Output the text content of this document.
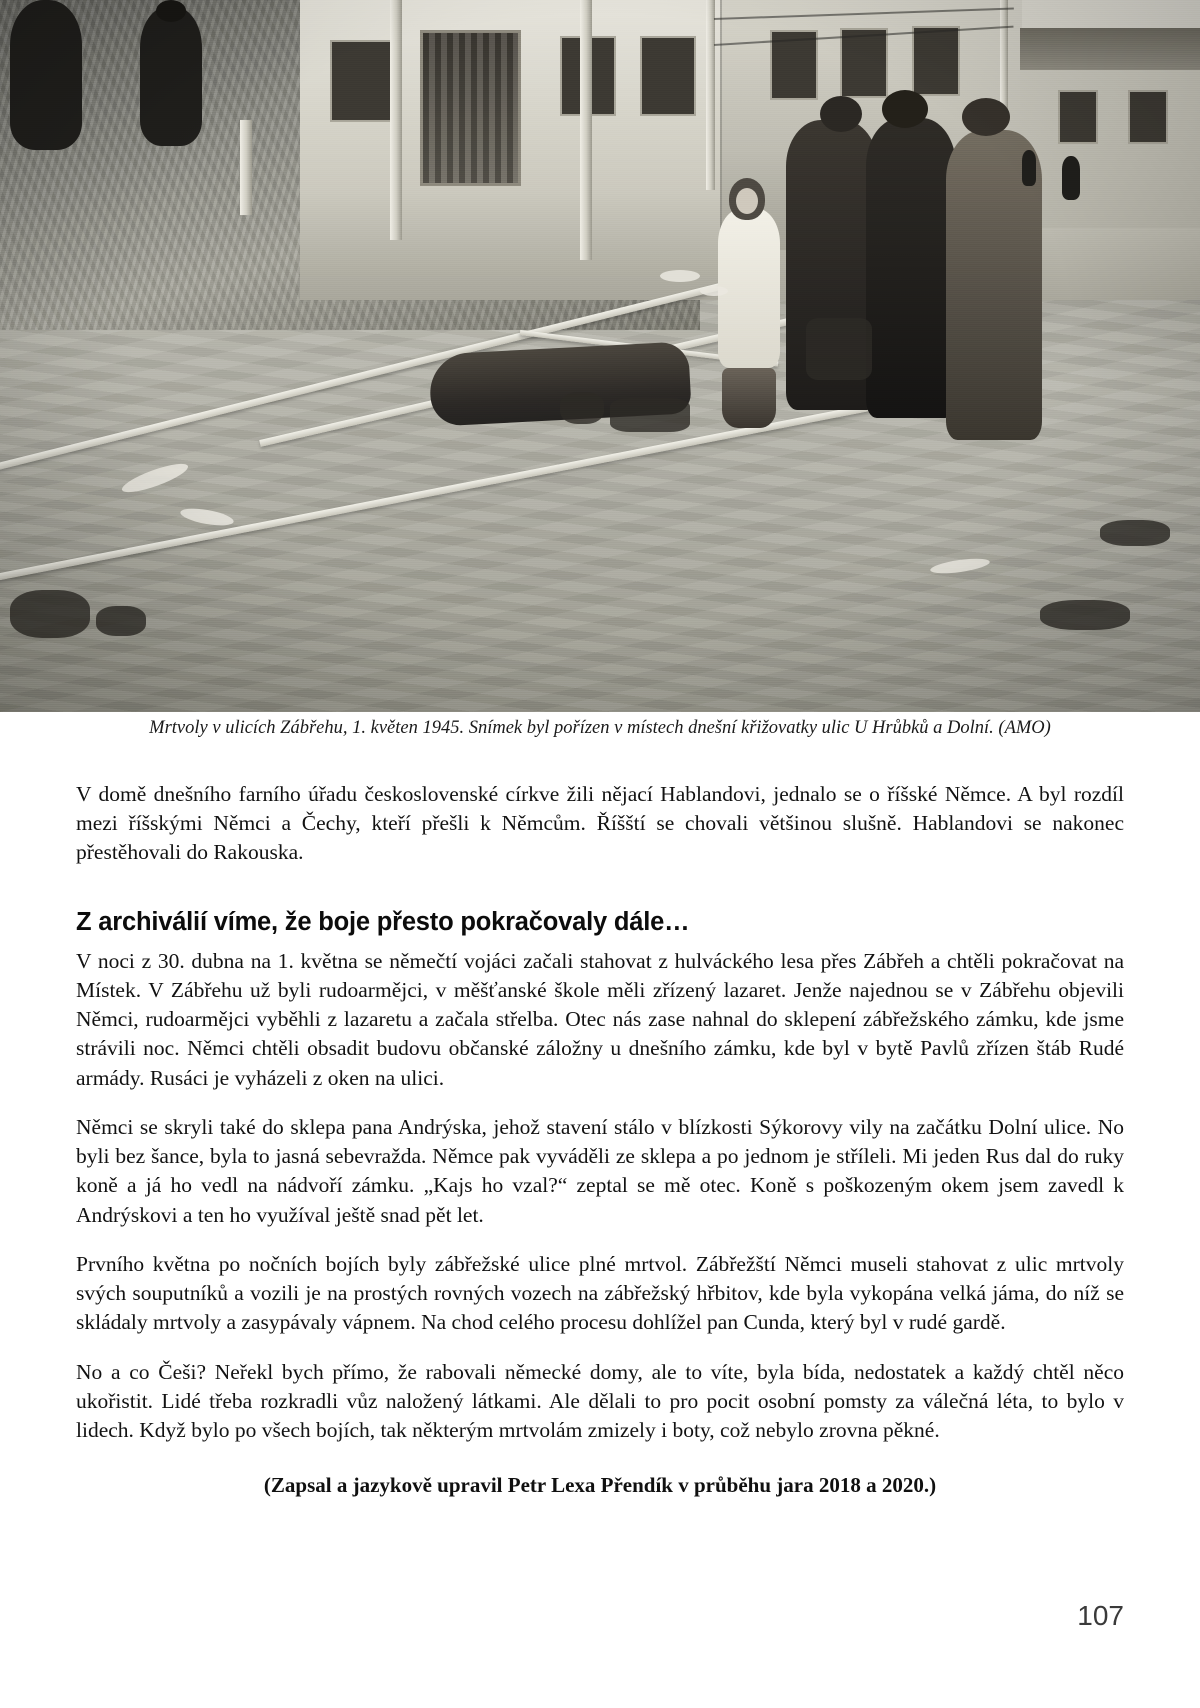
Mrtvoly v ulicích Zábřehu, 1. květen 1945. Snímek byl pořízen v místech dnešní křižovatky ulic U Hrůbků a Dolní. (AMO)

V domě dnešního farního úřadu československé církve žili nějací Hablandovi, jednalo se o říšské Němce. A byl rozdíl mezi říšskými Němci a Čechy, kteří přešli k Němcům. Říšští se chovali většinou slušně. Hablandovi se nakonec přestěhovali do Rakouska.

Z archiválií víme, že boje přesto pokračovaly dále…

V noci z 30. dubna na 1. května se němečtí vojáci začali stahovat z hulváckého lesa přes Zábřeh a chtěli pokračovat na Místek. V Zábřehu už byli rudoarmějci, v měšťanské škole měli zřízený lazaret. Jenže najednou se v Zábřehu objevili Němci, rudoarmějci vyběhli z lazaretu a začala střelba. Otec nás zase nahnal do sklepení zábřežského zámku, kde jsme strávili noc. Němci chtěli obsadit budovu občanské záložny u dnešního zámku, kde byl v bytě Pavlů zřízen štáb Rudé armády. Rusáci je vyházeli z oken na ulici.

Němci se skryli také do sklepa pana Andrýska, jehož stavení stálo v blízkosti Sýkorovy vily na začátku Dolní ulice. No byli bez šance, byla to jasná sebevražda. Němce pak vyváděli ze sklepa a po jednom je stříleli. Mi jeden Rus dal do ruky koně a já ho vedl na nádvoří zámku. „Kajs ho vzal?“ zeptal se mě otec. Koně s poškozeným okem jsem zavedl k Andrýskovi a ten ho využíval ještě snad pět let.

Prvního května po nočních bojích byly zábřežské ulice plné mrtvol. Zábřežští Němci museli stahovat z ulic mrtvoly svých souputníků a vozili je na prostých rovných vozech na zábřežský hřbitov, kde byla vykopána velká jáma, do níž se skládaly mrtvoly a zasypávaly vápnem. Na chod celého procesu dohlížel pan Cunda, který byl v rudé gardě.

No a co Češi? Neřekl bych přímo, že rabovali německé domy, ale to víte, byla bída, nedostatek a každý chtěl něco ukořistit. Lidé třeba rozkradli vůz naložený látkami. Ale dělali to pro pocit osobní pomsty za válečná léta, to bylo v lidech. Když bylo po všech bojích, tak některým mrtvolám zmizely i boty, což nebylo zrovna pěkné.

(Zapsal a jazykově upravil Petr Lexa Přendík v průběhu jara 2018 a 2020.)
107
